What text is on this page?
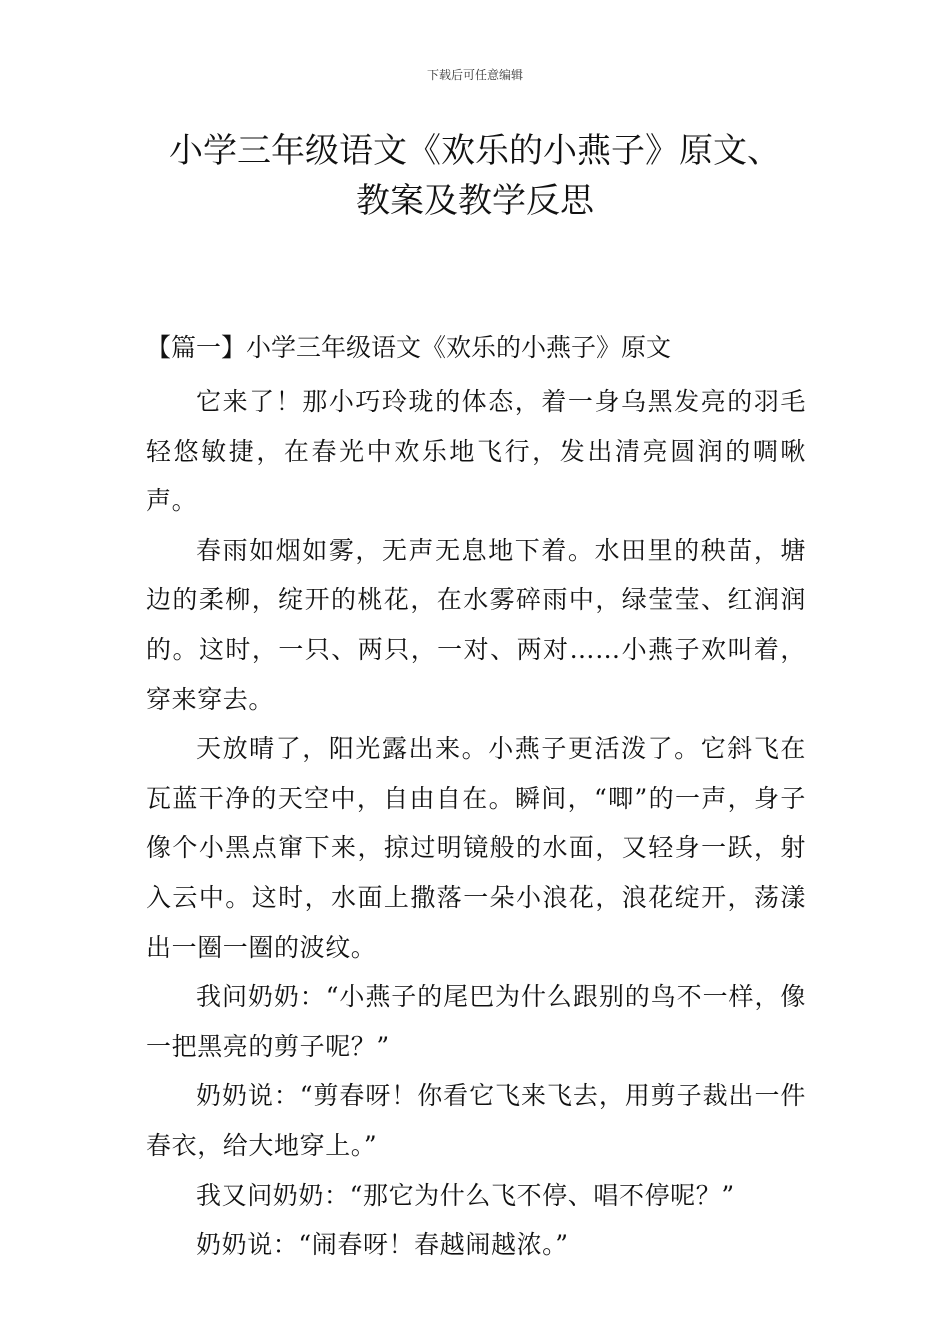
下载后可任意编辑
小学三年级语文《欢乐的小燕子》原文、
教案及教学反思
【篇一】小学三年级语文《欢乐的小燕子》原文

它来了！那小巧玲珑的体态，着一身乌黑发亮的羽毛轻悠敏捷，在春光中欢乐地飞行，发出清亮圆润的啁啾声。

春雨如烟如雾，无声无息地下着。水田里的秧苗，塘边的柔柳，绽开的桃花，在水雾碎雨中，绿莹莹、红润润的。这时，一只、两只，一对、两对……小燕子欢叫着，穿来穿去。

天放晴了，阳光露出来。小燕子更活泼了。它斜飞在瓦蓝干净的天空中，自由自在。瞬间，“唧”的一声，身子像个小黑点窜下来，掠过明镜般的水面，又轻身一跃，射入云中。这时，水面上撒落一朵小浪花，浪花绽开，荡漾出一圈一圈的波纹。

我问奶奶：“小燕子的尾巴为什么跟别的鸟不一样，像一把黑亮的剪子呢？”

奶奶说：“剪春呀！你看它飞来飞去，用剪子裁出一件春衣，给大地穿上。”

我又问奶奶：“那它为什么飞不停、唱不停呢？”

奶奶说：“闹春呀！春越闹越浓。”
